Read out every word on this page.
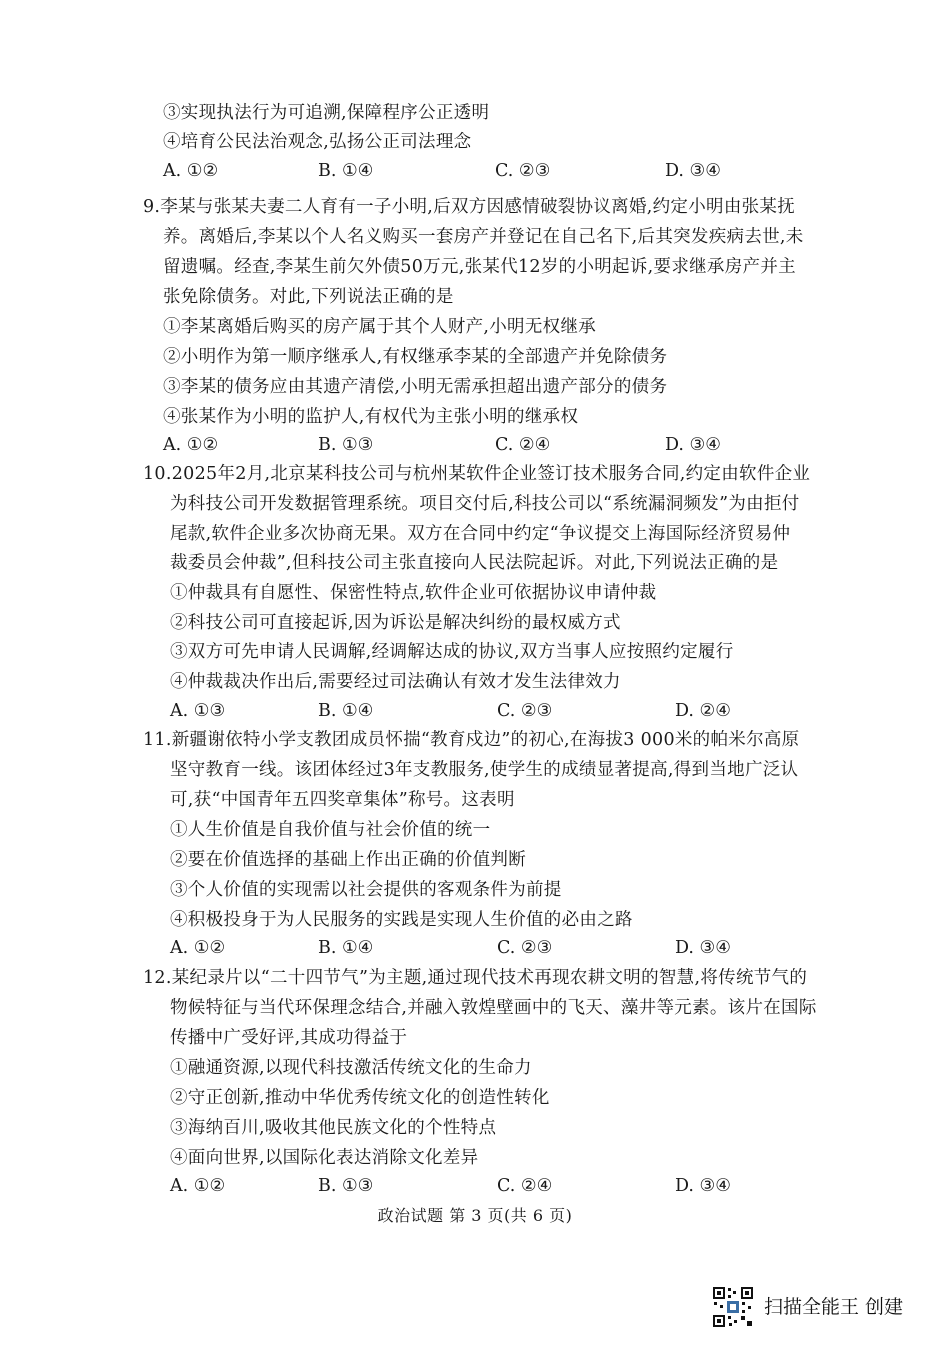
③实现执法行为可追溯,保障程序公正透明
④培育公民法治观念,弘扬公正司法理念
A. ①②	B. ①④	C. ②③	D. ③④
9.李某与张某夫妻二人育有一子小明,后双方因感情破裂协议离婚,约定小明由张某抚
养。离婚后,李某以个人名义购买一套房产并登记在自己名下,后其突发疾病去世,未
留遗嘱。经查,李某生前欠外债50万元,张某代12岁的小明起诉,要求继承房产并主
张免除债务。对此,下列说法正确的是
①李某离婚后购买的房产属于其个人财产,小明无权继承
②小明作为第一顺序继承人,有权继承李某的全部遗产并免除债务
③李某的债务应由其遗产清偿,小明无需承担超出遗产部分的债务
④张某作为小明的监护人,有权代为主张小明的继承权
A. ①②	B. ①③	C. ②④	D. ③④
10.2025年2月,北京某科技公司与杭州某软件企业签订技术服务合同,约定由软件企业
为科技公司开发数据管理系统。项目交付后,科技公司以“系统漏洞频发”为由拒付
尾款,软件企业多次协商无果。双方在合同中约定“争议提交上海国际经济贸易仲
裁委员会仲裁”,但科技公司主张直接向人民法院起诉。对此,下列说法正确的是
①仲裁具有自愿性、保密性特点,软件企业可依据协议申请仲裁
②科技公司可直接起诉,因为诉讼是解决纠纷的最权威方式
③双方可先申请人民调解,经调解达成的协议,双方当事人应按照约定履行
④仲裁裁决作出后,需要经过司法确认有效才发生法律效力
A. ①③	B. ①④	C. ②③	D. ②④
11.新疆谢依特小学支教团成员怀揣“教育戍边”的初心,在海拔3 000米的帕米尔高原
坚守教育一线。该团体经过3年支教服务,使学生的成绩显著提高,得到当地广泛认
可,获“中国青年五四奖章集体”称号。这表明
①人生价值是自我价值与社会价值的统一
②要在价值选择的基础上作出正确的价值判断
③个人价值的实现需以社会提供的客观条件为前提
④积极投身于为人民服务的实践是实现人生价值的必由之路
A. ①②	B. ①④	C. ②③	D. ③④
12.某纪录片以“二十四节气”为主题,通过现代技术再现农耕文明的智慧,将传统节气的
物候特征与当代环保理念结合,并融入敦煌壁画中的飞天、藻井等元素。该片在国际
传播中广受好评,其成功得益于
①融通资源,以现代科技激活传统文化的生命力
②守正创新,推动中华优秀传统文化的创造性转化
③海纳百川,吸收其他民族文化的个性特点
④面向世界,以国际化表达消除文化差异
A. ①②	B. ①③	C. ②④	D. ③④
政治试题 第 3 页(共 6 页)
扫描全能王 创建
